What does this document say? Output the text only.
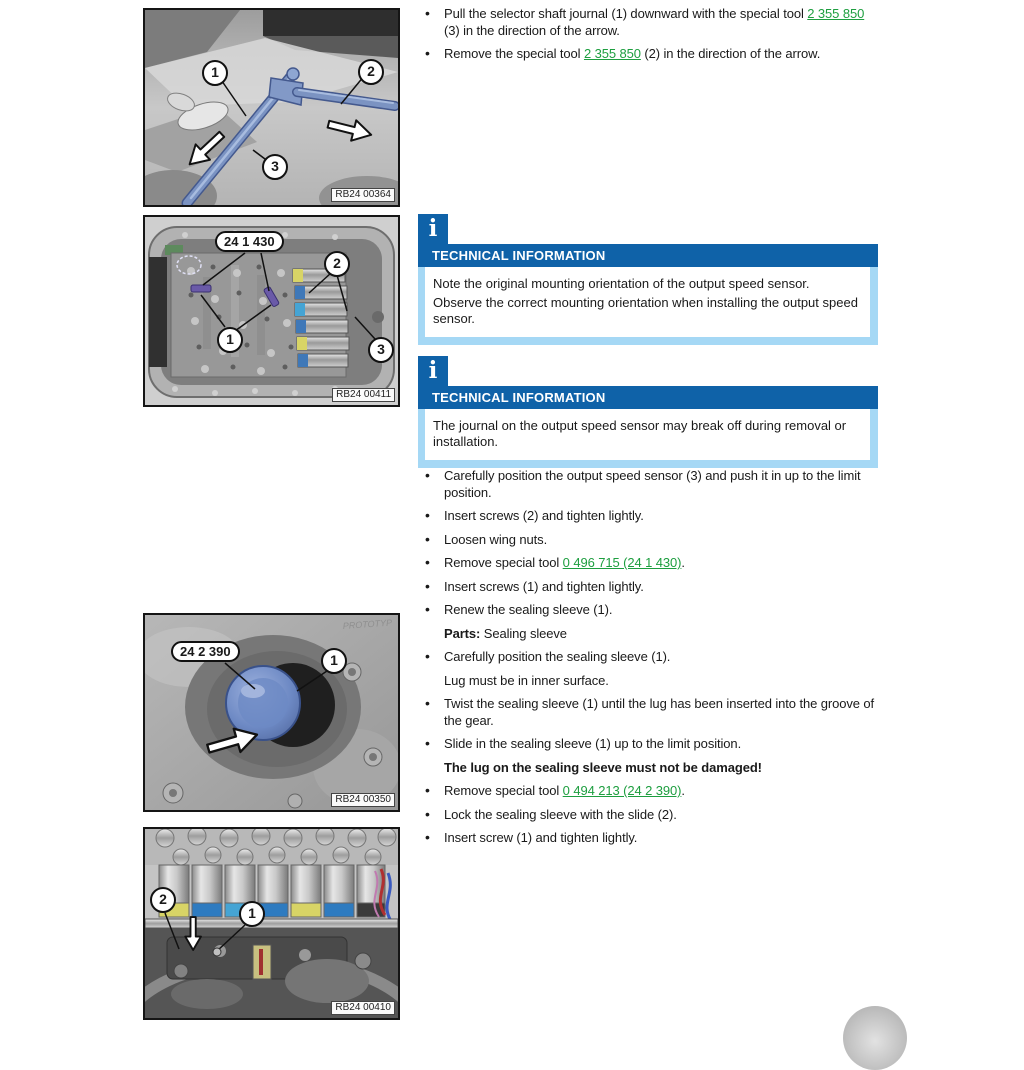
1	2
3
RB24 00364
24 1 430
2
1
3
RB24 00411
PROTOTYP
24 2 390
1
RB24 00350
2
1
RB24 00410
• Pull the selector shaft journal (1) downward with the special tool 2 355 850 (3) in the direction of the arrow.
• Remove the special tool 2 355 850 (2) in the direction of the arrow.
i
TECHNICAL INFORMATION

Note the original mounting orientation of the output speed sensor.

Observe the correct mounting orientation when installing the output speed sensor.

i
TECHNICAL INFORMATION

The journal on the output speed sensor may break off during removal or installation.

• Carefully position the output speed sensor (3) and push it in up to the limit position.
• Insert screws (2) and tighten lightly.
• Loosen wing nuts.
• Remove special tool 0 496 715 (24 1 430).
• Insert screws (1) and tighten lightly.
• Renew the sealing sleeve (1).
Parts: Sealing sleeve
• Carefully position the sealing sleeve (1).
Lug must be in inner surface.
• Twist the sealing sleeve (1) until the lug has been inserted into the groove of the gear.
• Slide in the sealing sleeve (1) up to the limit position.
The lug on the sealing sleeve must not be damaged!
• Remove special tool 0 494 213 (24 2 390).
• Lock the sealing sleeve with the slide (2).
• Insert screw (1) and tighten lightly.
